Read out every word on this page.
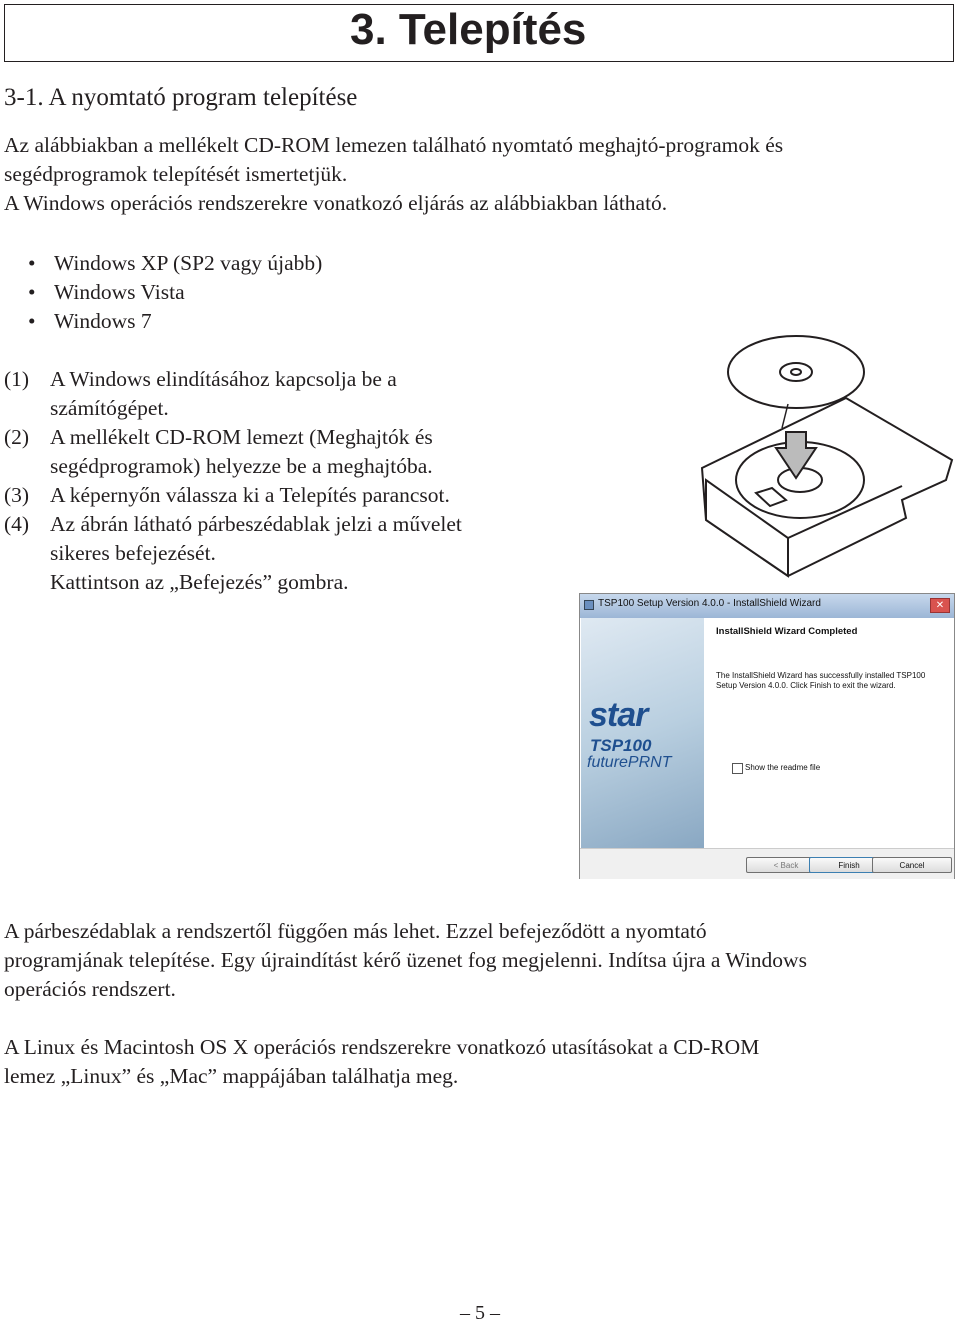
3. Telepítés
3-1. A nyomtató program telepítése

Az alábbiakban a mellékelt CD-ROM lemezen található nyomtató meghajtó-programok és

segédprogramok telepítését ismertetjük.

A Windows operációs rendszerekre vonatkozó eljárás az alábbiakban látható.

• Windows XP (SP2 vagy újabb)
• Windows Vista
• Windows 7
(1) A Windows elindításához kapcsolja be a
számítógépet.
(2) A mellékelt CD-ROM lemezt (Meghajtók és
segédprogramok) helyezze be a meghajtóba.
(3) A képernyőn válassza ki a Telepítés parancsot.
(4) Az ábrán látható párbeszédablak jelzi a művelet
sikeres befejezését.
Kattintson az „Befejezés” gombra.
TSP100 Setup Version 4.0.0 - InstallShield Wizard	✕
star
TSP100
futurePRNT
InstallShield Wizard Completed
The InstallShield Wizard has successfully installed TSP100 Setup Version 4.0.0. Click Finish to exit the wizard.
Show the readme file
< Back	Finish	Cancel

A párbeszédablak a rendszertől függően más lehet. Ezzel befejeződött a nyomtató

programjának telepítése. Egy újraindítást kérő üzenet fog megjelenni. Indítsa újra a Windows

operációs rendszert.

A Linux és Macintosh OS X operációs rendszerekre vonatkozó utasításokat a CD-ROM

lemez „Linux” és „Mac” mappájában találhatja meg.

– 5 –
